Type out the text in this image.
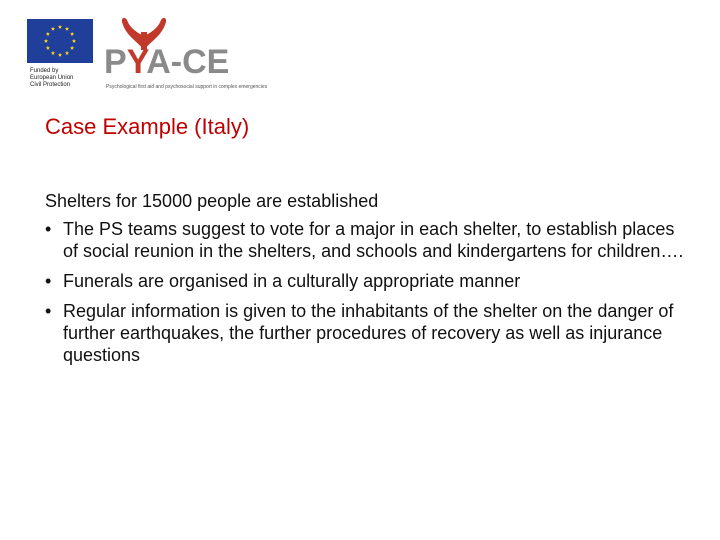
Funded by
European Union
Civil Protection
PYA-CE
Psychological first aid and psychosocial support in complex emergencies
Case Example (Italy)

Shelters for 15000 people are established

• The PS teams suggest to vote for a major in each shelter, to establish places of social reunion in the shelters, and schools and kindergartens for children….
• Funerals are organised in a culturally appropriate manner
• Regular information is given to the inhabitants of the shelter on the danger of further earthquakes, the further procedures of recovery as well as injurance questions
